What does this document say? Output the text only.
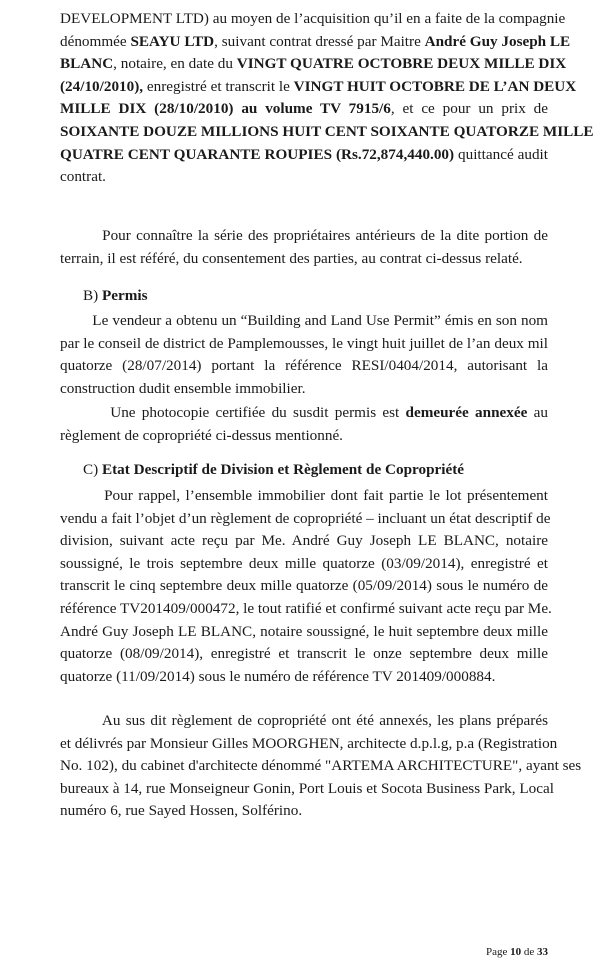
DEVELOPMENT LTD) au moyen de l’acquisition qu’il en a faite de la compagnie
dénommée SEAYU LTD, suivant contrat dressé par Maitre André Guy Joseph LE
BLANC, notaire, en date du VINGT QUATRE OCTOBRE DEUX MILLE DIX
(24/10/2010), enregistré et transcrit le VINGT HUIT OCTOBRE DE L’AN DEUX
MILLE DIX (28/10/2010) au volume TV 7915/6, et ce pour un prix de
SOIXANTE DOUZE MILLIONS HUIT CENT SOIXANTE QUATORZE MILLE
QUATRE CENT QUARANTE ROUPIES (Rs.72,874,440.00) quittancé audit
contrat.
Pour connaître la série des propriétaires antérieurs de la dite portion de
terrain, il est référé, du consentement des parties, au contrat ci-dessus relaté.
B) Permis
Le vendeur a obtenu un “Building and Land Use Permit” émis en son nom
par le conseil de district de Pamplemousses, le vingt huit juillet de l’an deux mil
quatorze (28/07/2014) portant la référence RESI/0404/2014, autorisant la
construction dudit ensemble immobilier.
Une photocopie certifiée du susdit permis est demeurée annexée au
règlement de copropriété ci-dessus mentionné.
C) Etat Descriptif de Division et Règlement de Copropriété
Pour rappel, l’ensemble immobilier dont fait partie le lot présentement
vendu a fait l’objet d’un règlement de copropriété – incluant un état descriptif de
division, suivant acte reçu par Me. André Guy Joseph LE BLANC, notaire
soussigné, le trois septembre deux mille quatorze (03/09/2014), enregistré et
transcrit le cinq septembre deux mille quatorze (05/09/2014) sous le numéro de
référence TV201409/000472, le tout ratifié et confirmé suivant acte reçu par Me.
André Guy Joseph LE BLANC, notaire soussigné, le huit septembre deux mille
quatorze (08/09/2014), enregistré et transcrit le onze septembre deux mille
quatorze (11/09/2014) sous le numéro de référence TV 201409/000884.
Au sus dit règlement de copropriété ont été annexés, les plans préparés
et délivrés par Monsieur Gilles MOORGHEN, architecte d.p.l.g, p.a (Registration
No. 102), du cabinet d'architecte dénommé "ARTEMA ARCHITECTURE", ayant ses
bureaux à 14, rue Monseigneur Gonin, Port Louis et Socota Business Park, Local
numéro 6, rue Sayed Hossen, Solférino.
Page 10 de 33
